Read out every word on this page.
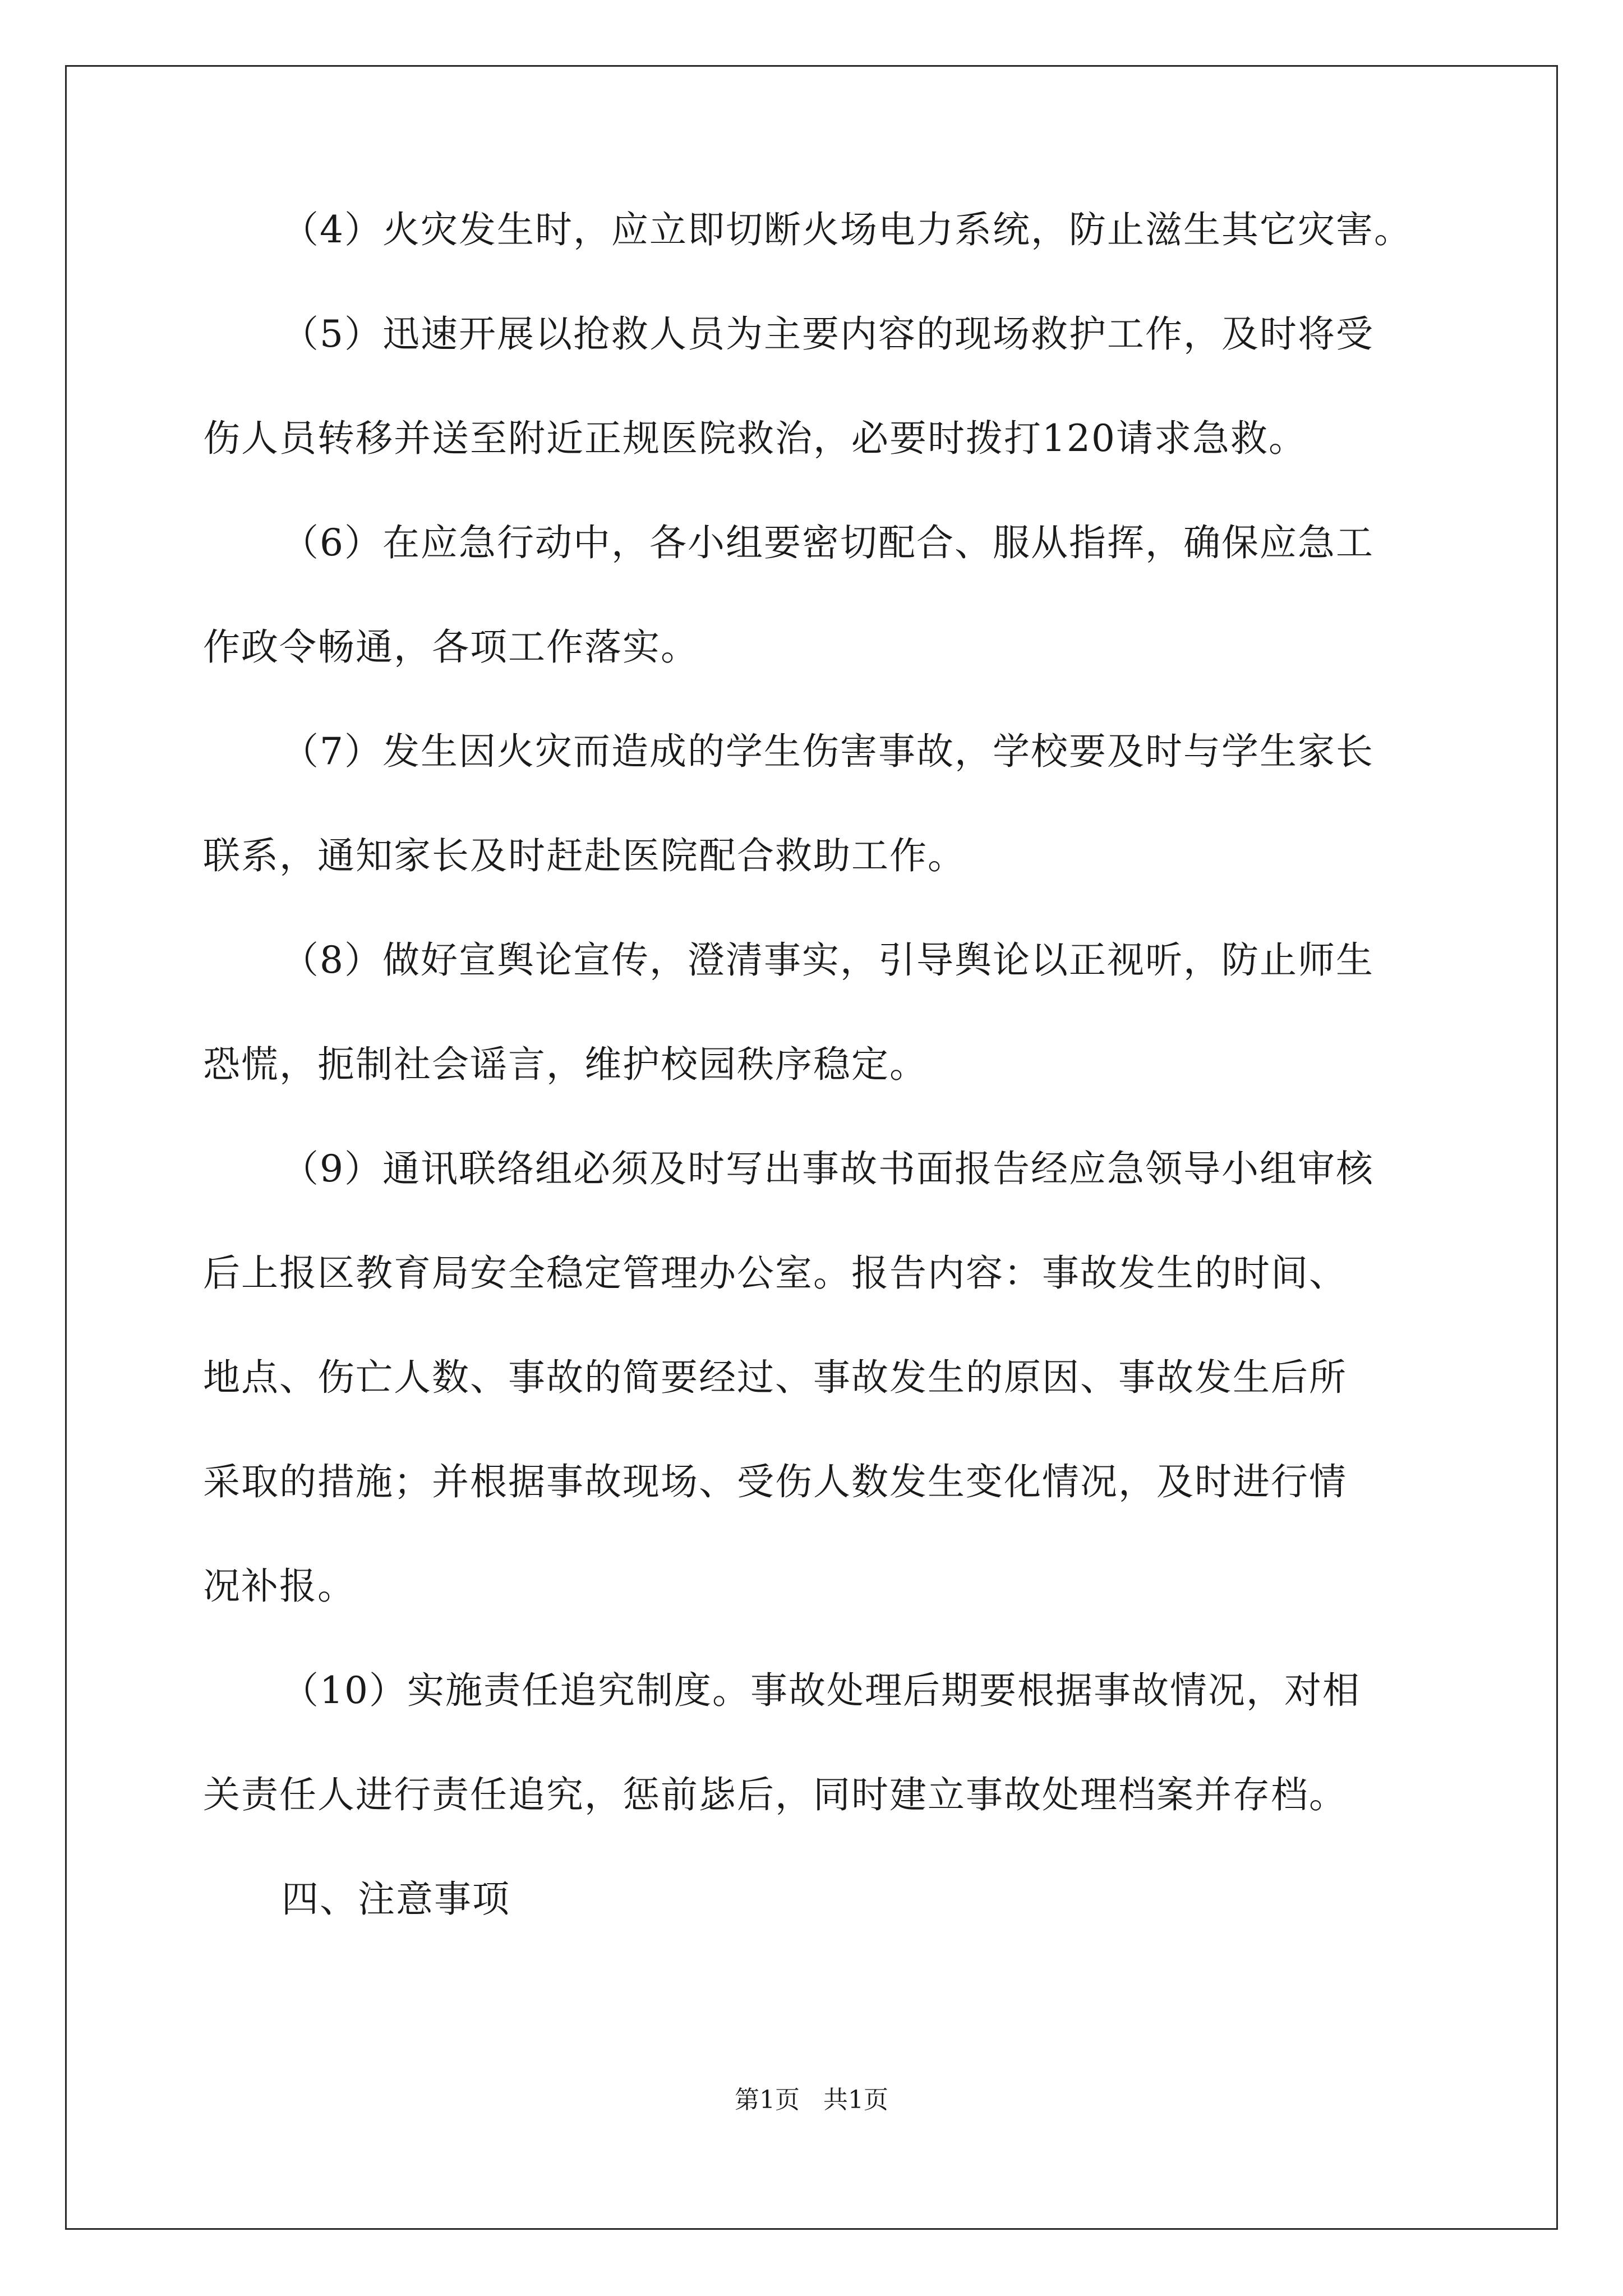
（4）火灾发生时，应立即切断火场电力系统，防止滋生其它灾害。
（5）迅速开展以抢救人员为主要内容的现场救护工作，及时将受
伤人员转移并送至附近正规医院救治，必要时拨打120请求急救。
（6）在应急行动中，各小组要密切配合、服从指挥，确保应急工
作政令畅通，各项工作落实。
（7）发生因火灾而造成的学生伤害事故，学校要及时与学生家长
联系，通知家长及时赶赴医院配合救助工作。
（8）做好宣舆论宣传，澄清事实，引导舆论以正视听，防止师生
恐慌，扼制社会谣言，维护校园秩序稳定。
（9）通讯联络组必须及时写出事故书面报告经应急领导小组审核
后上报区教育局安全稳定管理办公室。报告内容：事故发生的时间、
地点、伤亡人数、事故的简要经过、事故发生的原因、事故发生后所
采取的措施；并根据事故现场、受伤人数发生变化情况，及时进行情
况补报。
（10）实施责任追究制度。事故处理后期要根据事故情况，对相
关责任人进行责任追究，惩前毖后，同时建立事故处理档案并存档。
四、注意事项
第1页   共1页
